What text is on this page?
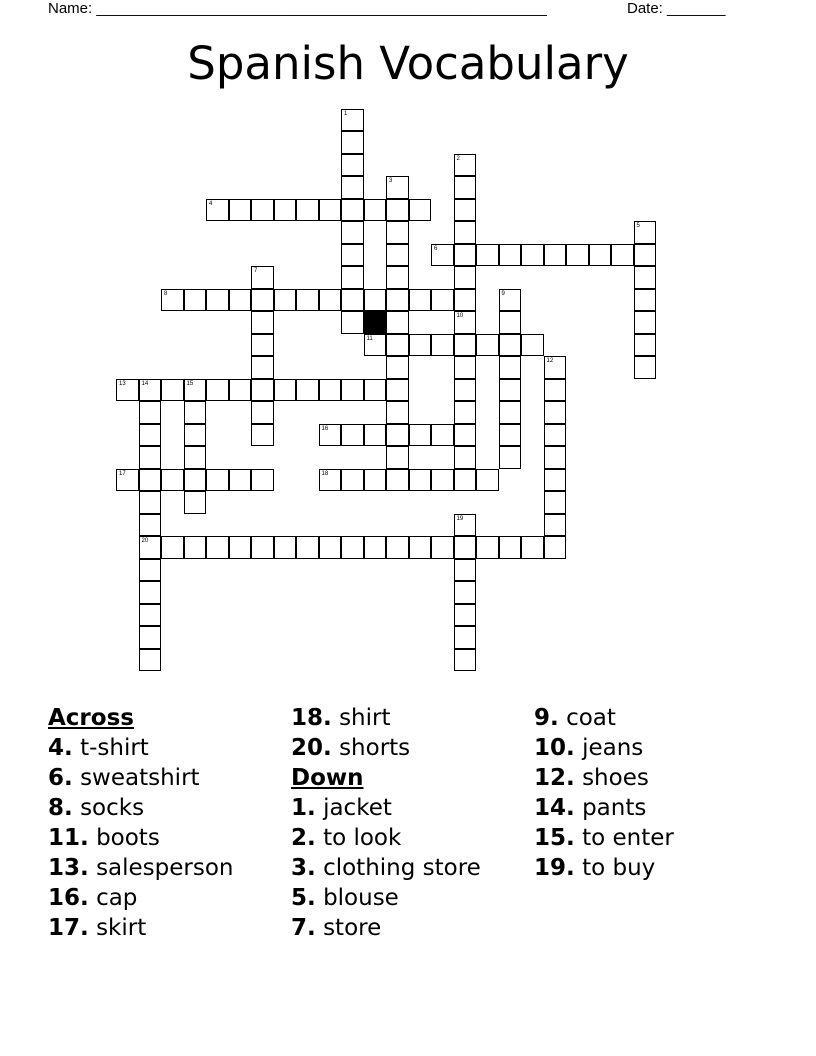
Name: ______________________________________________________	Date: _______
Spanish Vocabulary
4
6
8
11
13	14	15
16
17	18
20
1
2
3
5
7
9
10
12
19
Across
4. t-shirt
6. sweatshirt
8. socks
11. boots
13. salesperson
16. cap
17. skirt
18. shirt
20. shorts
Down
1. jacket
2. to look
3. clothing store
5. blouse
7. store
9. coat
10. jeans
12. shoes
14. pants
15. to enter
19. to buy
